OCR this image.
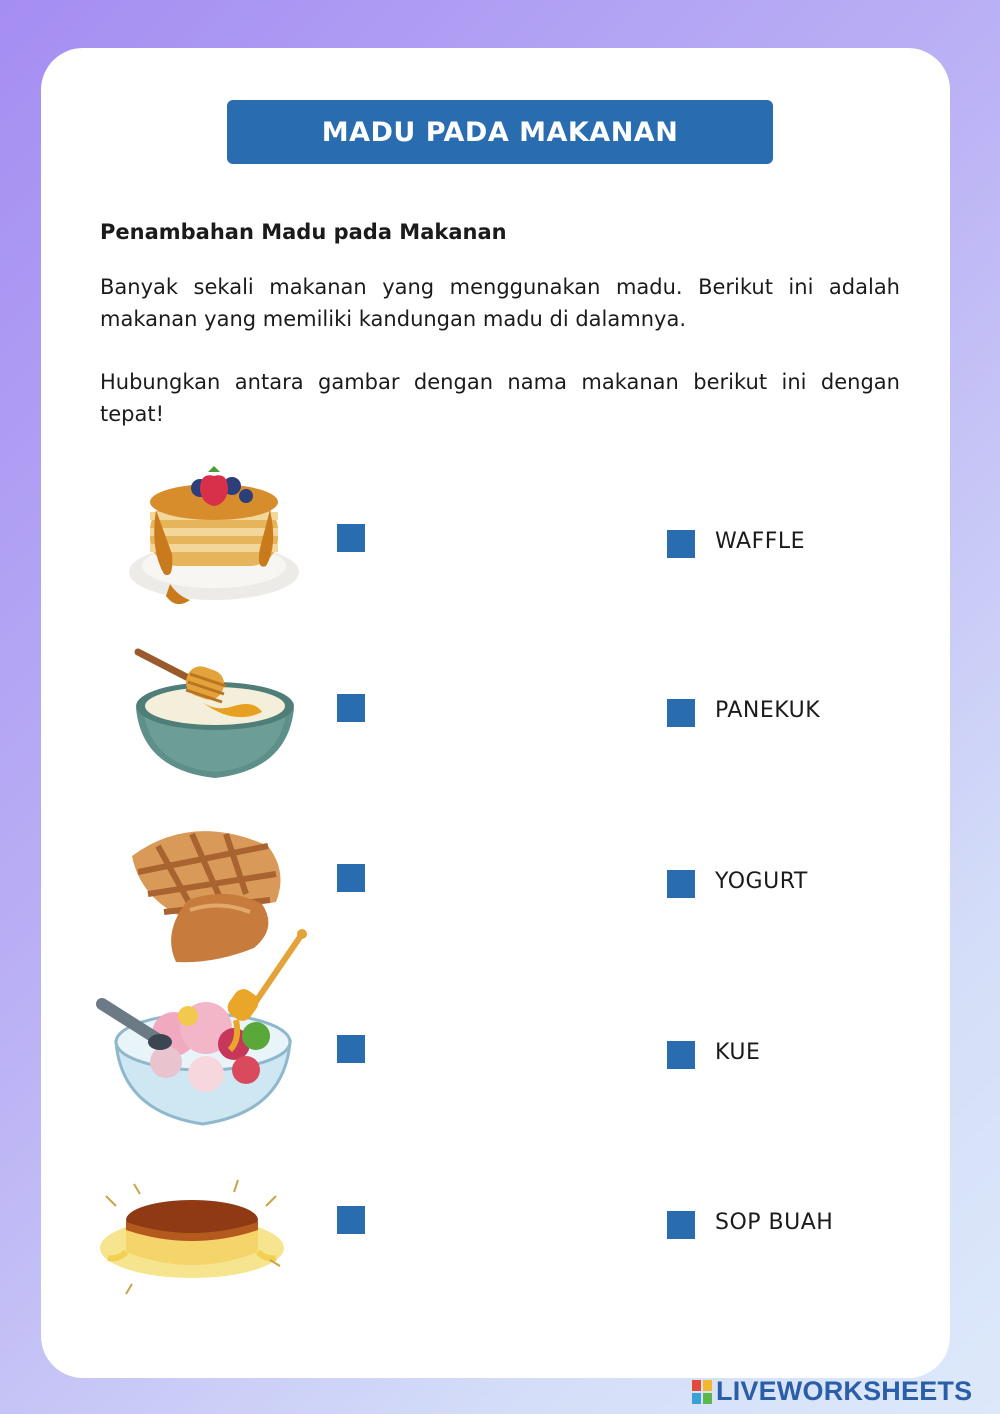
MADU PADA MAKANAN
Penambahan Madu pada Makanan

Banyak sekali makanan yang menggunakan madu. Berikut ini adalah makanan yang memiliki kandungan madu di dalamnya.

Hubungkan antara gambar dengan nama makanan berikut ini dengan tepat!

WAFFLE
PANEKUK
YOGURT
KUE
SOP BUAH
LIVEWORKSHEETS
